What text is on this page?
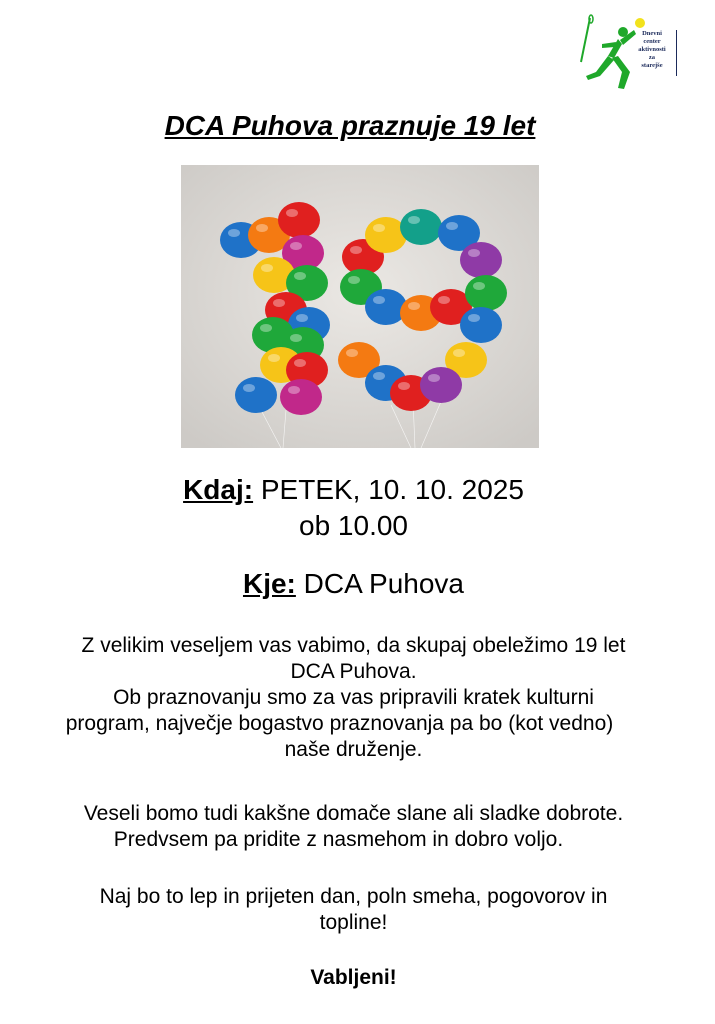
Dnevni
center
aktivnosti
za
starejše
DCA Puhova praznuje 19 let

Kdaj: PETEK, 10. 10. 2025

ob 10.00

Kje: DCA Puhova

Z velikim veseljem vas vabimo, da skupaj obeležimo 19 let
DCA Puhova.
Ob praznovanju smo za vas pripravili kratek kulturni
program, največje bogastvo praznovanja pa bo (kot vedno)
naše druženje.
Veseli bomo tudi kakšne domače slane ali sladke dobrote.
Predvsem pa pridite z nasmehom in dobro voljo.
Naj bo to lep in prijeten dan, poln smeha, pogovorov in
topline!

Vabljeni!
